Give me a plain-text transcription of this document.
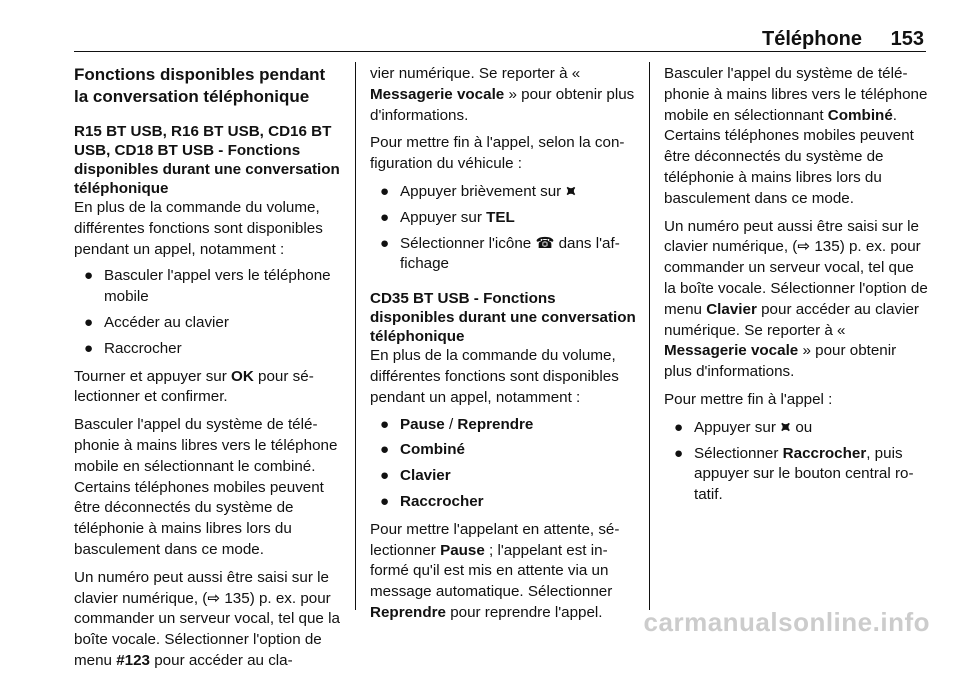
Téléphone 153
Fonctions disponibles pendant la conversation téléphonique
R15 BT USB, R16 BT USB, CD16 BT USB, CD18 BT USB - Fonctions disponibles durant une conversation téléphonique

En plus de la commande du volume, différentes fonctions sont disponibles pendant un appel, notamment :

● Basculer l'appel vers le téléphone mobile
● Accéder au clavier
● Raccrocher

Tourner et appuyer sur OK pour sélectionner et confirmer.

Basculer l'appel du système de téléphonie à mains libres vers le téléphone mobile en sélectionnant le combiné. Certains téléphones mobiles peuvent être déconnectés du système de téléphonie à mains libres lors du basculement dans ce mode.

Un numéro peut aussi être saisi sur le clavier numérique, (⇨ 135) p. ex. pour commander un serveur vocal, tel que la boîte vocale. Sélectionner l'option de menu #123 pour accéder au cla-

vier numérique. Se reporter à « Messagerie vocale » pour obtenir plus d'informations.

Pour mettre fin à l'appel, selon la configuration du véhicule :

● Appuyer brièvement sur ⯍
● Appuyer sur TEL
● Sélectionner l'icône ☎ dans l'affichage
CD35 BT USB - Fonctions disponibles durant une conversation téléphonique

En plus de la commande du volume, différentes fonctions sont disponibles pendant un appel, notamment :

● Pause / Reprendre
● Combiné
● Clavier
● Raccrocher

Pour mettre l'appelant en attente, sélectionner Pause ; l'appelant est informé qu'il est mis en attente via un message automatique. Sélectionner Reprendre pour reprendre l'appel.

Basculer l'appel du système de téléphonie à mains libres vers le téléphone mobile en sélectionnant Combiné. Certains téléphones mobiles peuvent être déconnectés du système de téléphonie à mains libres lors du basculement dans ce mode.

Un numéro peut aussi être saisi sur le clavier numérique, (⇨ 135) p. ex. pour commander un serveur vocal, tel que la boîte vocale. Sélectionner l'option de menu Clavier pour accéder au clavier numérique. Se reporter à « Messagerie vocale » pour obtenir plus d'informations.

Pour mettre fin à l'appel :

● Appuyer sur ⯍ ou
● Sélectionner Raccrocher, puis appuyer sur le bouton central rotatif.
carmanualsonline.info
